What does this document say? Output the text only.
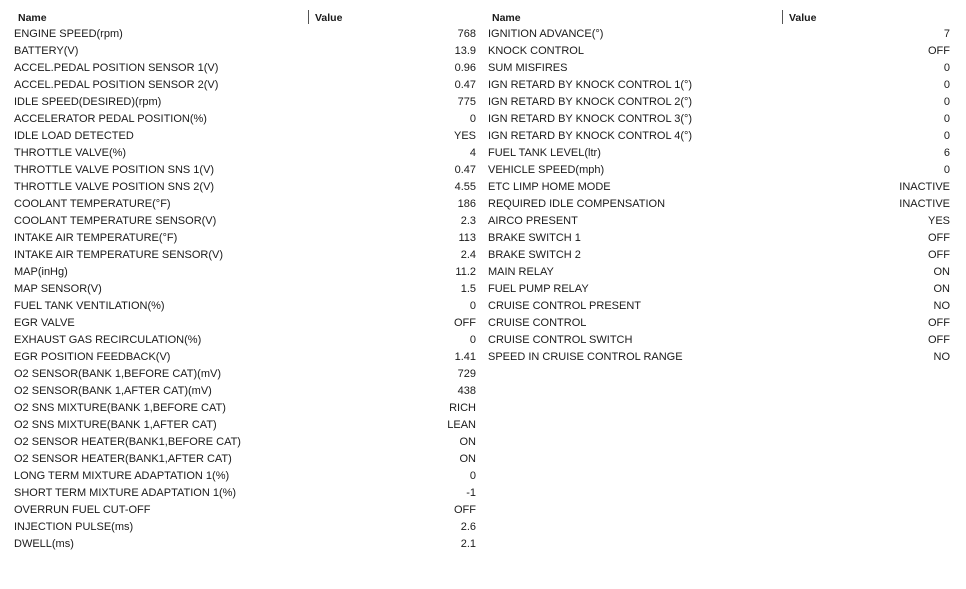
Name	Value
ENGINE SPEED(rpm)	768
BATTERY(V)	13.9
ACCEL.PEDAL POSITION SENSOR 1(V)	0.96
ACCEL.PEDAL POSITION SENSOR 2(V)	0.47
IDLE SPEED(DESIRED)(rpm)	775
ACCELERATOR PEDAL POSITION(%)	0
IDLE LOAD DETECTED	YES
THROTTLE VALVE(%)	4
THROTTLE VALVE POSITION SNS 1(V)	0.47
THROTTLE VALVE POSITION SNS 2(V)	4.55
COOLANT TEMPERATURE(°F)	186
COOLANT TEMPERATURE SENSOR(V)	2.3
INTAKE AIR TEMPERATURE(°F)	113
INTAKE AIR TEMPERATURE SENSOR(V)	2.4
MAP(inHg)	11.2
MAP SENSOR(V)	1.5
FUEL TANK VENTILATION(%)	0
EGR VALVE	OFF
EXHAUST GAS RECIRCULATION(%)	0
EGR POSITION FEEDBACK(V)	1.41
O2 SENSOR(BANK 1,BEFORE CAT)(mV)	729
O2 SENSOR(BANK 1,AFTER CAT)(mV)	438
O2 SNS MIXTURE(BANK 1,BEFORE CAT)	RICH
O2 SNS MIXTURE(BANK 1,AFTER CAT)	LEAN
O2 SENSOR HEATER(BANK1,BEFORE CAT)	ON
O2 SENSOR HEATER(BANK1,AFTER CAT)	ON
LONG TERM MIXTURE ADAPTATION 1(%)	0
SHORT TERM MIXTURE ADAPTATION 1(%)	-1
OVERRUN FUEL CUT-OFF	OFF
INJECTION PULSE(ms)	2.6
DWELL(ms)	2.1
Name	Value
IGNITION ADVANCE(°)	7
KNOCK CONTROL	OFF
SUM MISFIRES	0
IGN RETARD BY KNOCK CONTROL 1(°)	0
IGN RETARD BY KNOCK CONTROL 2(°)	0
IGN RETARD BY KNOCK CONTROL 3(°)	0
IGN RETARD BY KNOCK CONTROL 4(°)	0
FUEL TANK LEVEL(ltr)	6
VEHICLE SPEED(mph)	0
ETC LIMP HOME MODE	INACTIVE
REQUIRED IDLE COMPENSATION	INACTIVE
AIRCO PRESENT	YES
BRAKE SWITCH 1	OFF
BRAKE SWITCH 2	OFF
MAIN RELAY	ON
FUEL PUMP RELAY	ON
CRUISE CONTROL PRESENT	NO
CRUISE CONTROL	OFF
CRUISE CONTROL SWITCH	OFF
SPEED IN CRUISE CONTROL RANGE	NO
